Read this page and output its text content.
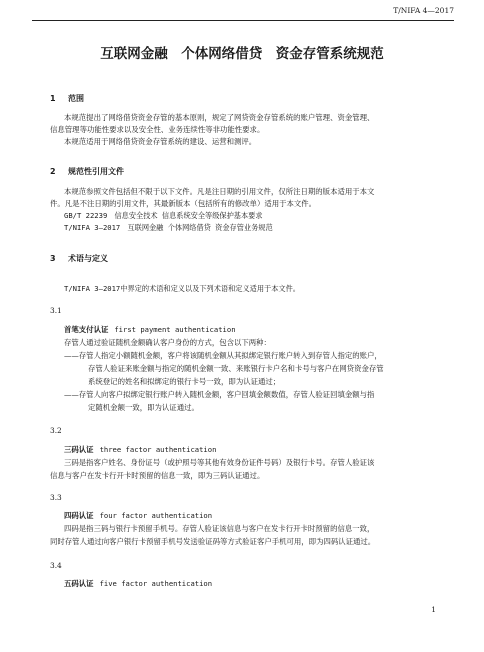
T/NIFA 4—2017
互联网金融　个体网络借贷　资金存管系统规范
1 范围
本规范提出了网络借贷资金存管的基本原则，规定了网贷资金存管系统的账户管理、资金管理、
信息管理等功能性要求以及安全性、业务连续性等非功能性要求。
本规范适用于网络借贷资金存管系统的建设、运营和测评。
2 规范性引用文件
本规范参照文件包括但不限于以下文件。凡是注日期的引用文件，仅所注日期的版本适用于本文
件。凡是不注日期的引用文件，其最新版本（包括所有的修改单）适用于本文件。
GB/T 22239　信息安全技术 信息系统安全等级保护基本要求
T/NIFA 3—2017　互联网金融 个体网络借贷 资金存管业务规范
3 术语与定义
T/NIFA 3—2017中界定的术语和定义以及下列术语和定义适用于本文件。
3.1
首笔支付认证 first payment authentication
存管人通过验证随机金额确认客户身份的方式，包含以下两种：
——存管人指定小额随机金额，客户将该随机金额从其拟绑定银行账户转入到存管人指定的账户，
存管人验证来账金额与指定的随机金额一致、来账银行卡户名和卡号与客户在网贷资金存管
系统登记的姓名和拟绑定的银行卡号一致，即为认证通过；
——存管人向客户拟绑定银行账户转入随机金额，客户回填金额数值，存管人验证回填金额与指
定随机金额一致，即为认证通过。
3.2
三码认证 three factor authentication
三码是指客户姓名、身份证号（或护照号等其他有效身份证件号码）及银行卡号。存管人验证该
信息与客户在发卡行开卡时预留的信息一致，即为三码认证通过。
3.3
四码认证 four factor authentication
四码是指三码与银行卡预留手机号。存管人验证该信息与客户在发卡行开卡时预留的信息一致，
同时存管人通过向客户银行卡预留手机号发送验证码等方式验证客户手机可用，即为四码认证通过。
3.4
五码认证 five factor authentication
1
